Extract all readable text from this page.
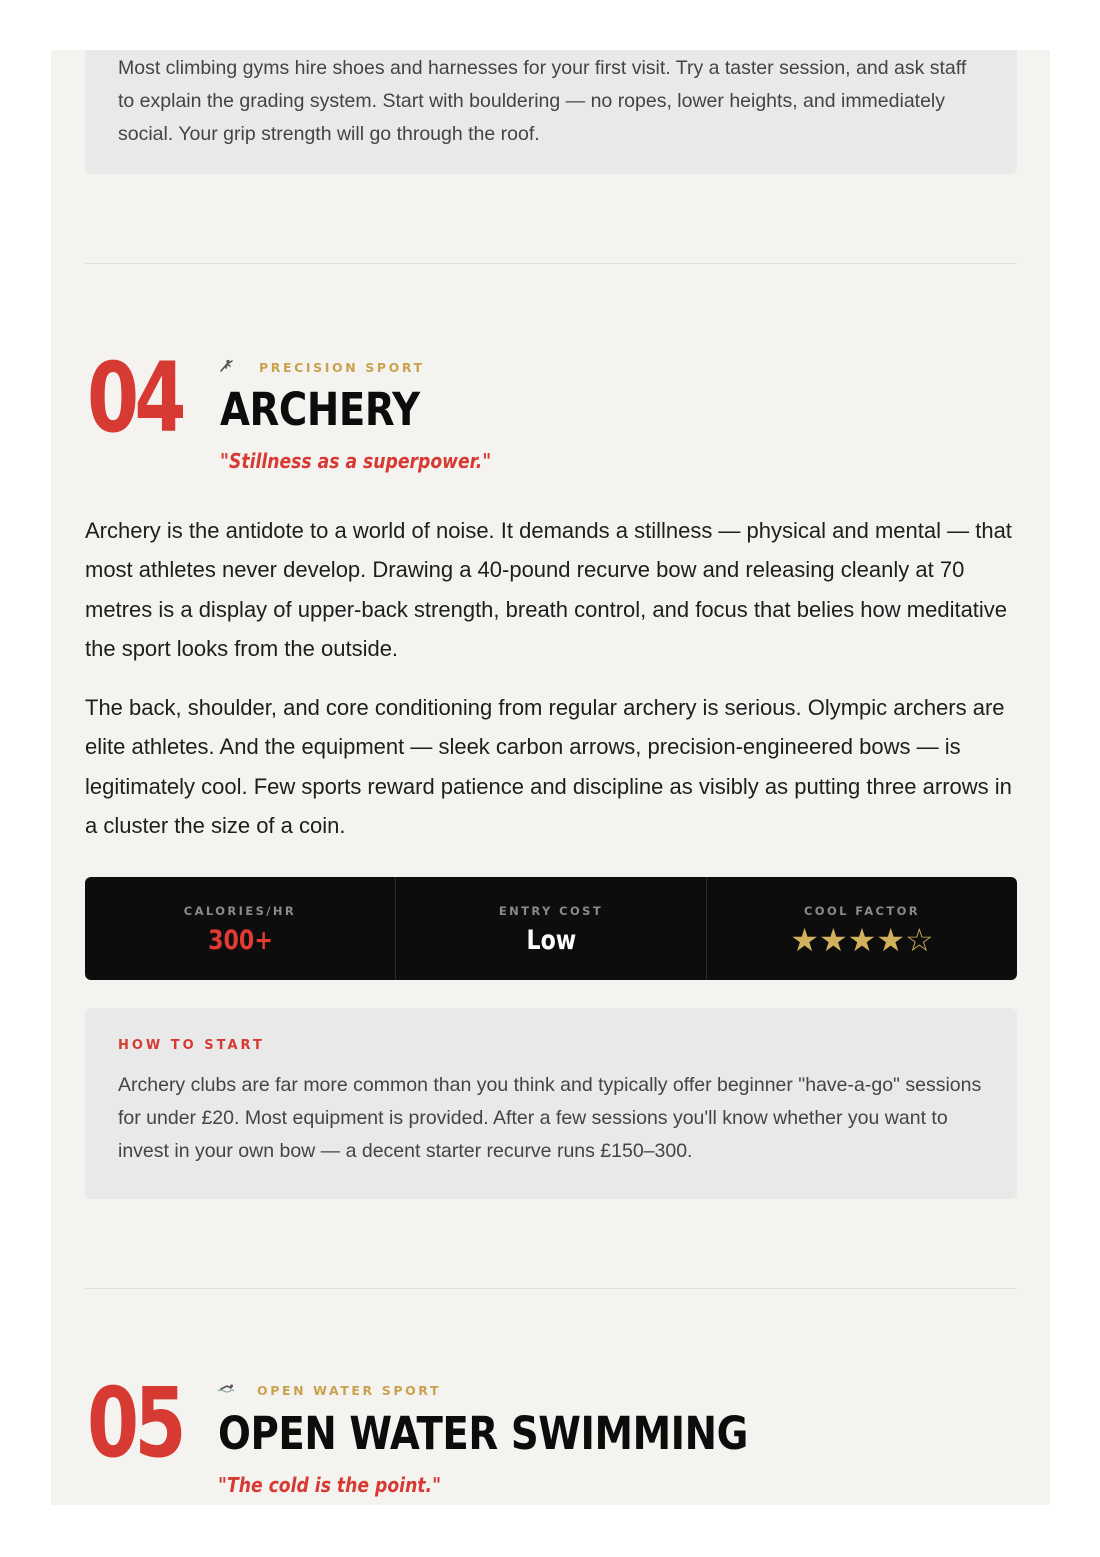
Most climbing gyms hire shoes and harnesses for your first visit. Try a taster session, and ask staff to explain the grading system. Start with bouldering — no ropes, lower heights, and immediately social. Your grip strength will go through the roof.

04	PRECISION SPORT
ARCHERY
"Stillness as a superpower."

Archery is the antidote to a world of noise. It demands a stillness — physical and mental — that most athletes never develop. Drawing a 40-pound recurve bow and releasing cleanly at 70 metres is a display of upper-back strength, breath control, and focus that belies how meditative the sport looks from the outside.

The back, shoulder, and core conditioning from regular archery is serious. Olympic archers are elite athletes. And the equipment — sleek carbon arrows, precision-engineered bows — is legitimately cool. Few sports reward patience and discipline as visibly as putting three arrows in a cluster the size of a coin.

CALORIES/HR
300+
ENTRY COST
Low
COOL FACTOR
★★★★☆
HOW TO START

Archery clubs are far more common than you think and typically offer beginner "have-a-go" sessions for under £20. Most equipment is provided. After a few sessions you'll know whether you want to invest in your own bow — a decent starter recurve runs £150–300.

05	OPEN WATER SPORT
OPEN WATER SWIMMING
"The cold is the point."
